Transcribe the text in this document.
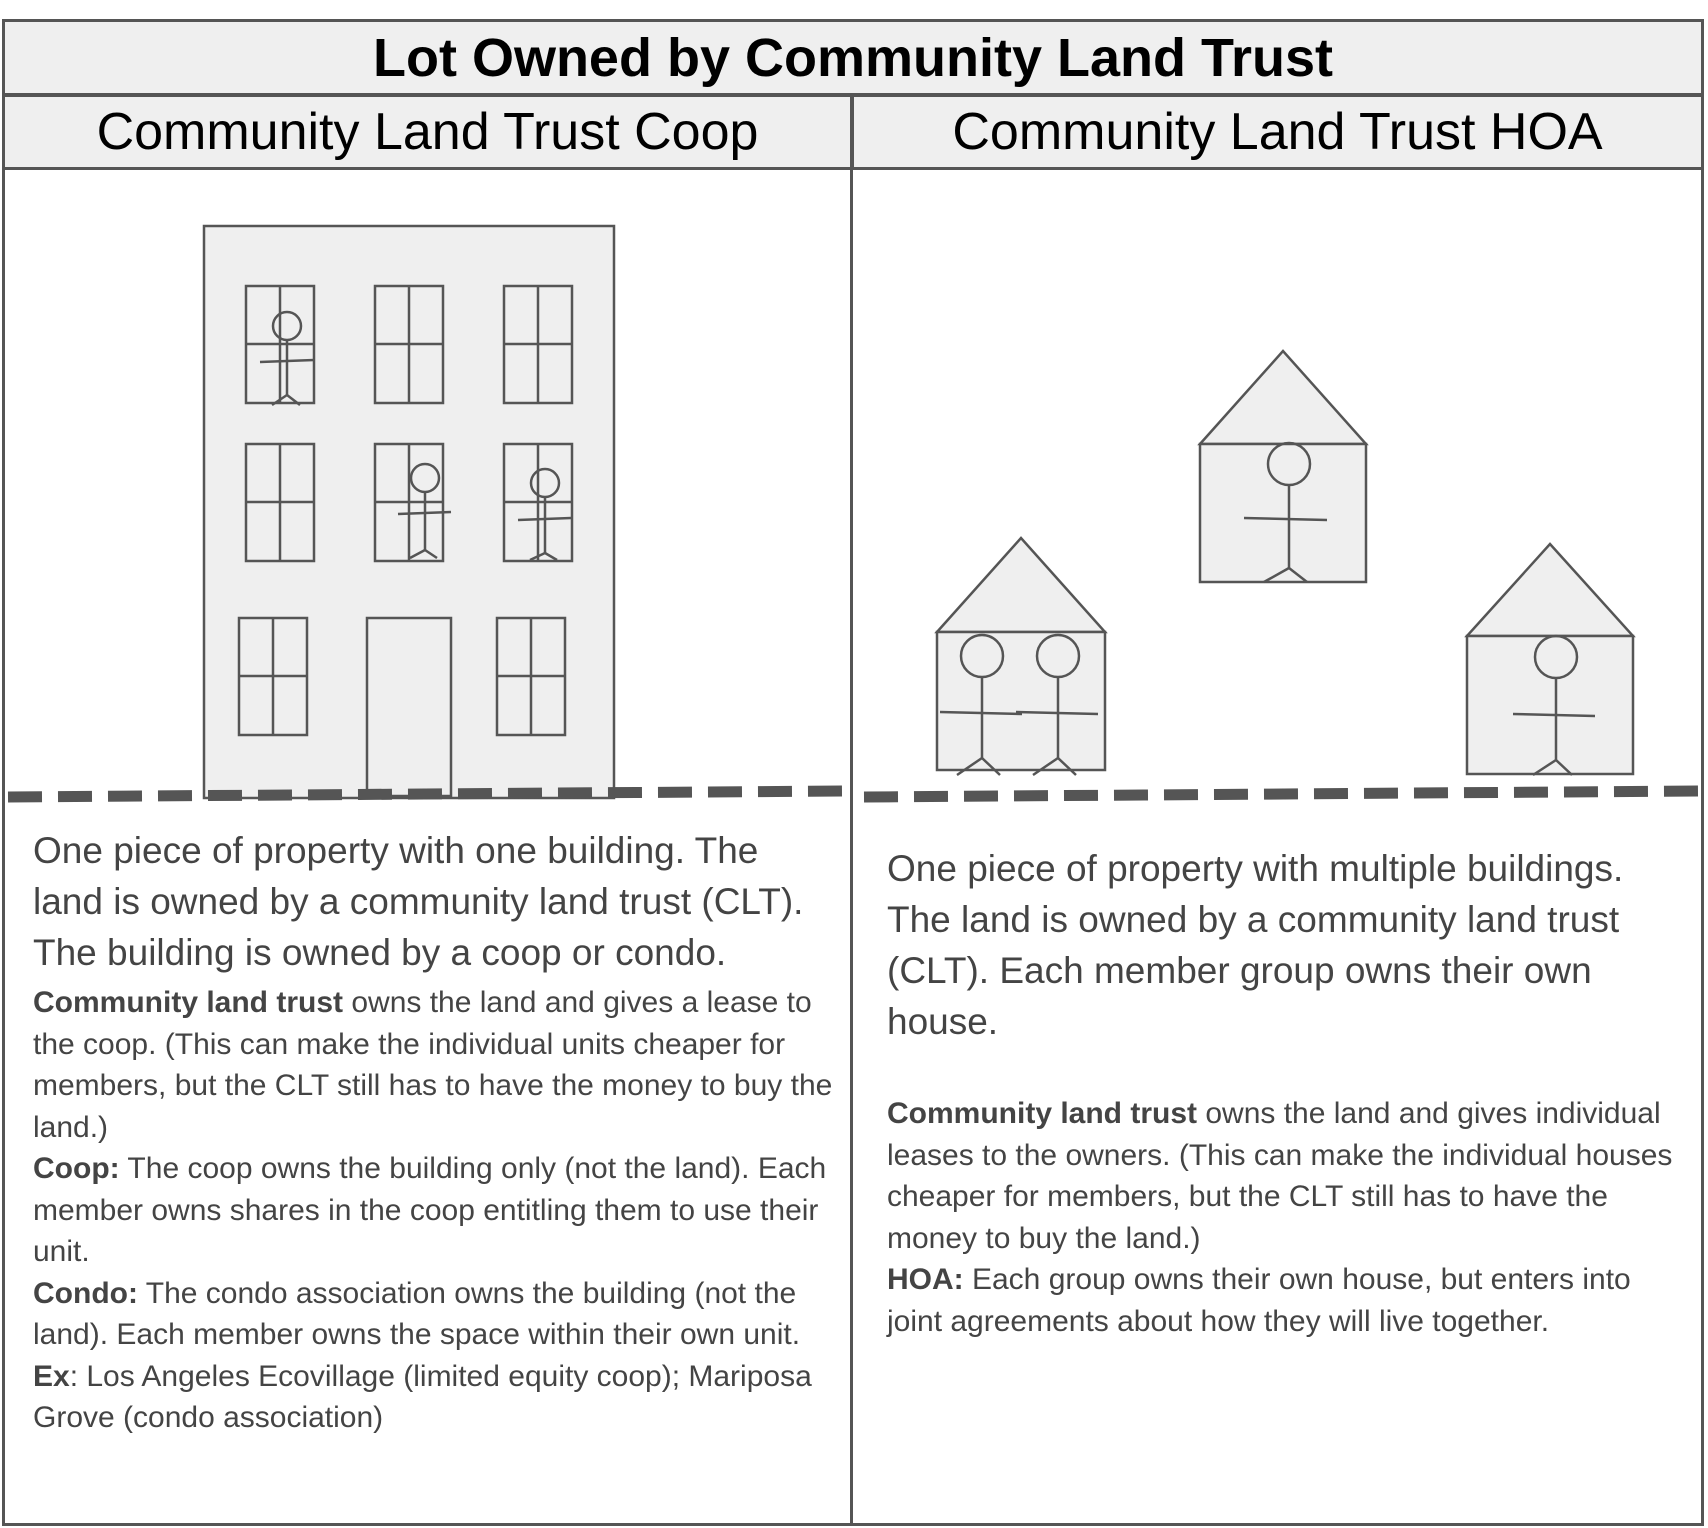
Lot Owned by Community Land Trust
Community Land Trust Coop	Community Land Trust HOA

One piece of property with one building. The land is owned by a community land trust (CLT). The building is owned by a coop or condo.

Community land trust owns the land and gives a lease to the coop. (This can make the individual units cheaper for members, but the CLT still has to have the money to buy the land.)
Coop: The coop owns the building only (not the land). Each member owns shares in the coop entitling them to use their unit.
Condo: The condo association owns the building (not the land). Each member owns the space within their own unit.
Ex: Los Angeles Ecovillage (limited equity coop); Mariposa Grove (condo association)

One piece of property with multiple buildings. The land is owned by a community land trust (CLT). Each member group owns their own house.

Community land trust owns the land and gives individual leases to the owners. (This can make the individual houses cheaper for members, but the CLT still has to have the money to buy the land.)
HOA: Each group owns their own house, but enters into joint agreements about how they will live together.
